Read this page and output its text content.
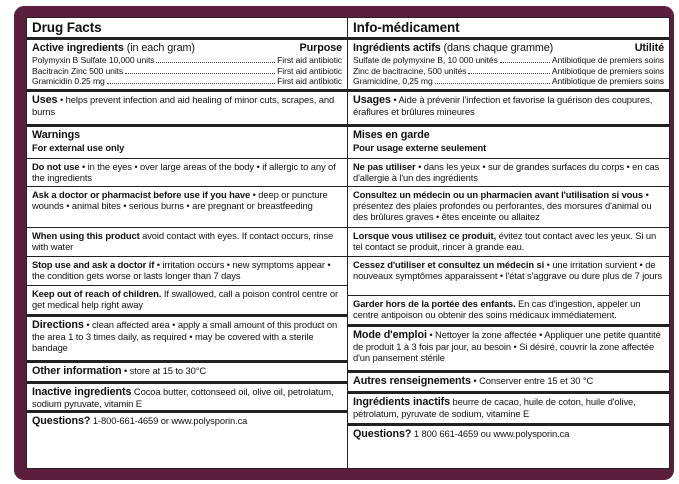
Drug Facts
Active ingredients (in each gram)	Purpose
Polymyxin B Sulfate 10,000 units	First aid antibiotic
Bacitracin Zinc 500 units	First aid antibiotic
Gramicidin 0.25 mg	First aid antibiotic
Uses • helps prevent infection and aid healing of minor cuts, scrapes, and burns
Warnings
For external use only
Do not use • in the eyes • over large areas of the body • if allergic to any of the ingredients
Ask a doctor or pharmacist before use if you have • deep or puncture wounds • animal bites • serious burns • are pregnant or breastfeeding
When using this product avoid contact with eyes. If contact occurs, rinse with water
Stop use and ask a doctor if • irritation occurs • new symptoms appear • the condition gets worse or lasts longer than 7 days
Keep out of reach of children. If swallowed, call a poison control centre or get medical help right away
Directions • clean affected area • apply a small amount of this product on the area 1 to 3 times daily, as required • may be covered with a sterile bandage
Other information • store at 15 to 30°C
Inactive ingredients Cocoa butter, cottonseed oil, olive oil, petrolatum, sodium pyruvate, vitamin E
Questions? 1-800-661-4659 or www.polysporin.ca
Info-médicament
Ingrédients actifs (dans chaque gramme)	Utilité
Sulfate de polymyxine B, 10 000 unités	Antibiotique de premiers soins
Zinc de bacitracine, 500 unités	Antibiotique de premiers soins
Gramicidine, 0,25 mg	Antibiotique de premiers soins
Usages • Aide à prévenir l'infection et favorise la guérison des coupures, éraflures et brûlures mineures
Mises en garde
Pour usage externe seulement
Ne pas utiliser • dans les yeux • sur de grandes surfaces du corps • en cas d'allergie à l'un des ingrédients
Consultez un médecin ou un pharmacien avant l'utilisation si vous • présentez des plaies profondes ou perforantes, des morsures d'animal ou des brûlures graves • êtes enceinte ou allaitez
Lorsque vous utilisez ce produit, évitez tout contact avec les yeux. Si un tel contact se produit, rincer à grande eau.
Cessez d'utiliser et consultez un médecin si • une irritation survient • de nouveaux symptômes apparaissent • l'état s'aggrave ou dure plus de 7 jours
Garder hors de la portée des enfants. En cas d'ingestion, appeler un centre antipoison ou obtenir des soins médicaux immédiatement.
Mode d'emploi • Nettoyer la zone affectée • Appliquer une petite quantité de produit 1 à 3 fois par jour, au besoin • Si désiré, couvrir la zone affectée d'un pansement stérile
Autres renseignements • Conserver entre 15 et 30 °C
Ingrédients inactifs beurre de cacao, huile de coton, huile d'olive, pétrolatum, pyruvate de sodium, vitamine E
Questions? 1 800 661-4659 ou www.polysporin.ca
